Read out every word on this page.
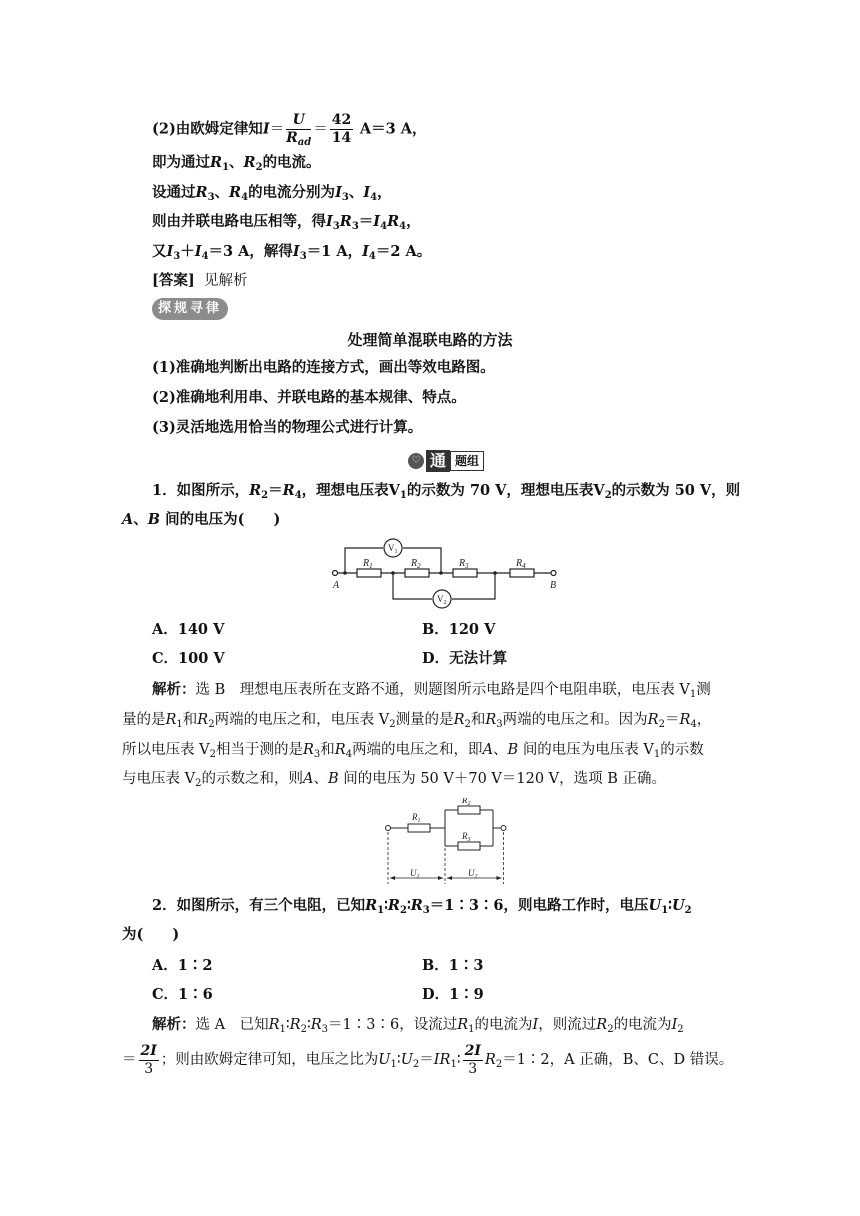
(2)由欧姆定律知$I= \frac{U}{R_{ad}} = \frac{42}{14} A=3$ A，
即为通过$R_1$、$R_2$的电流。
设通过$R_3$、$R_4$的电流分别为$I_3$、$I_4$，
则由并联电路电压相等，得$I_3R_3=I_4R_4$，
又$I_3+I_4=3$ A，解得$I_3=1$ A，$I_4=2$ A。
[答案] 见解析
探规寻律
处理简单混联电路的方法
(1)准确地判断出电路的连接方式，画出等效电路图。
(2)准确地利用串、并联电路的基本规律、特点。
(3)灵活地选用恰当的物理公式进行计算。
♡ 通 题组
1．如图所示，$R_2=R_4$，理想电压表$V_1$的示数为 70 V，理想电压表$V_2$的示数为 50 V，则
A、B 间的电压为(　　)
$R_1$	$R_2$	$R_3$	$R_4$
A	B
$V_1$
$V_2$
A．140 V	B．120 V
C．100 V	D．无法计算
解析：选 B　理想电压表所在支路不通，则题图所示电路是四个电阻串联，电压表 $V_1$测
量的是$R_1$和$R_2$两端的电压之和，电压表 $V_2$测量的是$R_2$和$R_3$两端的电压之和。因为$R_2=R_4$，
所以电压表 $V_2$相当于测的是$R_3$和$R_4$两端的电压之和，即A、B 间的电压为电压表 $V_1$的示数
与电压表 $V_2$的示数之和，则A、B 间的电压为 50 V＋70 V＝120 V，选项 B 正确。
$R_1$
$R_2$
$R_3$
$U_1$	$U_2$
2．如图所示，有三个电阻，已知$R_1∶R_2∶R_3=1∶3∶6$，则电路工作时，电压$U_1∶U_2$
为(　　)
A．1∶2	B．1∶3
C．1∶6	D．1∶9
解析：选 A　已知$R_1∶R_2∶R_3=1∶3∶6$，设流过$R_1$的电流为I，则流过$R_2$的电流为$I_2$
＝ $\frac{2I}{3}$ ；则由欧姆定律可知，电压之比为$U_1∶U_2=IR_1∶ \frac{2I}{3}$ $R_2=1∶2$，A 正确，B、C、D 错误。
